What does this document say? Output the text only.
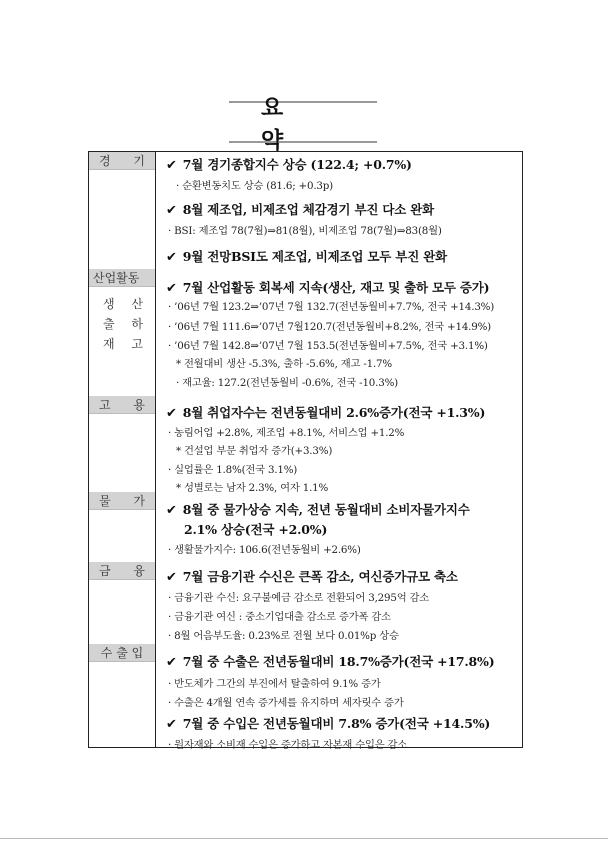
요 약
경 기
산업활동
생 산
출 하
재 고
고 용
물 가
금 융
수 출 입
✔ 7월 경기종합지수 상승 (122.4; +0.7%)
· 순환변동치도 상승 (81.6; +0.3p)
✔ 8월 제조업, 비제조업 체감경기 부진 다소 완화
· BSI: 제조업 78(7월)⇒81(8월), 비제조업 78(7월)⇒83(8월)
✔ 9월 전망BSI도 제조업, 비제조업 모두 부진 완화
✔ 7월 산업활동 회복세 지속(생산, 재고 및 출하 모두 증가)
· ’06년 7월 123.2⇒’07년 7월 132.7(전년동월비+7.7%, 전국 +14.3%)
· ’06년 7월 111.6⇒’07년 7월120.7(전년동월비+8.2%, 전국 +14.9%)
· ’06년 7월 142.8⇒’07년 7월 153.5(전년동월비+7.5%, 전국 +3.1%)
* 전월대비 생산 -5.3%, 출하 -5.6%, 재고 -1.7%
· 재고율: 127.2(전년동월비 -0.6%, 전국 -10.3%)
✔ 8월 취업자수는 전년동월대비 2.6%증가(전국 +1.3%)
· 농림어업 +2.8%, 제조업 +8.1%, 서비스업 +1.2%
* 건설업 부문 취업자 증가(+3.3%)
· 실업률은 1.8%(전국 3.1%)
* 성별로는 남자 2.3%, 여자 1.1%
✔ 8월 중 물가상승 지속, 전년 동월대비 소비자물가지수
2.1% 상승(전국 +2.0%)
· 생활물가지수: 106.6(전년동월비 +2.6%)
✔ 7월 금융기관 수신은 큰폭 감소, 여신증가규모 축소
· 금융기관 수신: 요구불예금 감소로 전환되어 3,295억 감소
· 금융기관 여신 : 중소기업대출 감소로 증가폭 감소
· 8월 어음부도율: 0.23%로 전월 보다 0.01%p 상승
✔ 7월 중 수출은 전년동월대비 18.7%증가(전국 +17.8%)
· 반도체가 그간의 부진에서 탈출하여 9.1% 증가
· 수출은 4개월 연속 증가세를 유지하며 세자릿수 증가
✔ 7월 중 수입은 전년동월대비 7.8% 증가(전국 +14.5%)
· 원자재와 소비재 수입은 증가하고 자본재 수입은 감소
